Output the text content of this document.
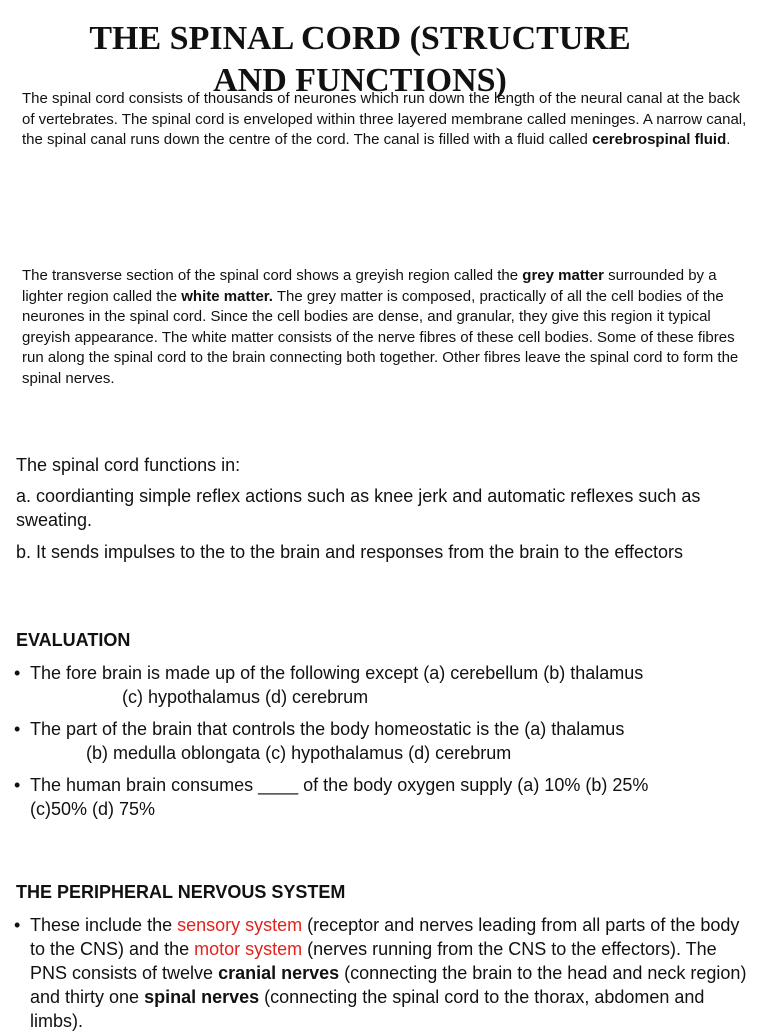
THE SPINAL CORD (STRUCTURE
AND FUNCTIONS)
The spinal cord consists of thousands of neurones which run down the length of the neural canal at the back of vertebrates. The spinal cord is enveloped within three layered membrane called meninges. A narrow canal, the spinal canal runs down the centre of the cord. The canal is filled with a fluid called cerebrospinal fluid.
The transverse section of the spinal cord shows a greyish region called the grey matter surrounded by a lighter region called the white matter. The grey matter is composed, practically of all the cell bodies of the neurones in the spinal cord. Since the cell bodies are dense, and granular, they give this region it typical greyish appearance. The white matter consists of the nerve fibres of these cell bodies. Some of these fibres run along the spinal cord to the brain connecting both together. Other fibres leave the spinal cord to form the spinal nerves.
The spinal cord functions in:
a. coordianting simple reflex actions such as knee jerk and automatic reflexes such as sweating.
b. It sends impulses to the to the brain and responses from the brain to the effectors
EVALUATION
• The fore brain is made up of the following except (a) cerebellum (b) thalamus
(c) hypothalamus (d) cerebrum
• The part of the brain that controls the body homeostatic is the (a) thalamus
(b) medulla oblongata (c) hypothalamus (d) cerebrum
• The human brain consumes ____ of the body oxygen supply (a) 10% (b) 25%
(c)50% (d) 75%
THE PERIPHERAL NERVOUS SYSTEM
• These include the sensory system (receptor and nerves leading from all parts of the body to the CNS) and the motor system (nerves running from the CNS to the effectors). The PNS consists of twelve cranial nerves (connecting the brain to the head and neck region) and thirty one spinal nerves (connecting the spinal cord to the thorax, abdomen and limbs).
